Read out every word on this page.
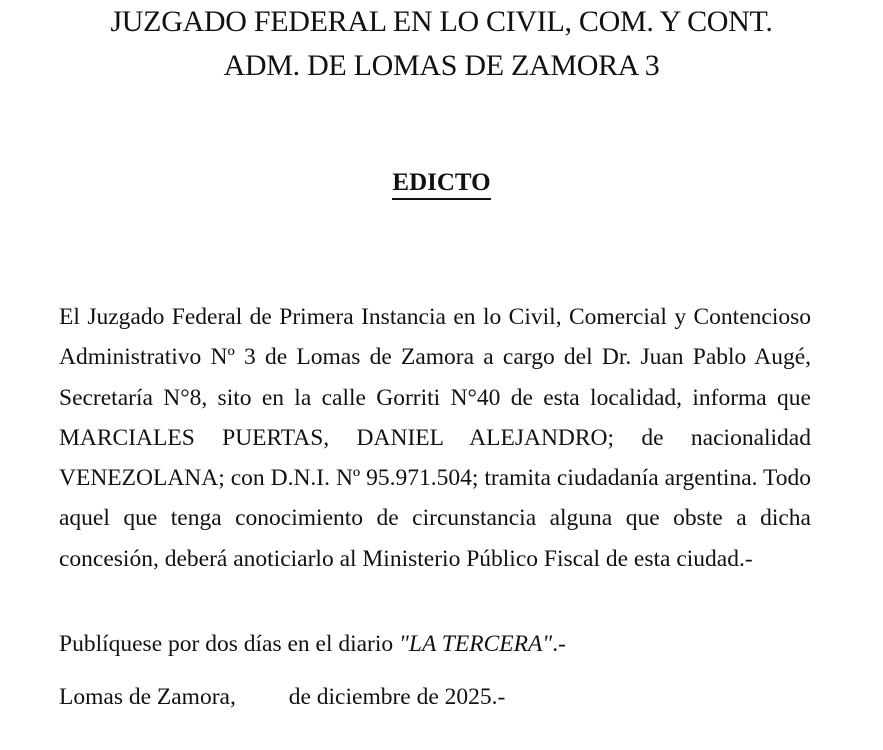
JUZGADO FEDERAL EN LO CIVIL, COM. Y CONT.
ADM. DE LOMAS DE ZAMORA 3
EDICTO
El Juzgado Federal de Primera Instancia en lo Civil, Comercial y Contencioso Administrativo Nº 3 de Lomas de Zamora a cargo del Dr. Juan Pablo Augé, Secretaría N°8, sito en la calle Gorriti N°40 de esta localidad, informa que MARCIALES PUERTAS, DANIEL ALEJANDRO; de nacionalidad VENEZOLANA; con D.N.I. Nº 95.971.504; tramita ciudadanía argentina. Todo aquel que tenga conocimiento de circunstancia alguna que obste a dicha concesión, deberá anoticiarlo al Ministerio Público Fiscal de esta ciudad.-
Publíquese por dos días en el diario "LA TERCERA".-
Lomas de Zamora, de diciembre de 2025.-
